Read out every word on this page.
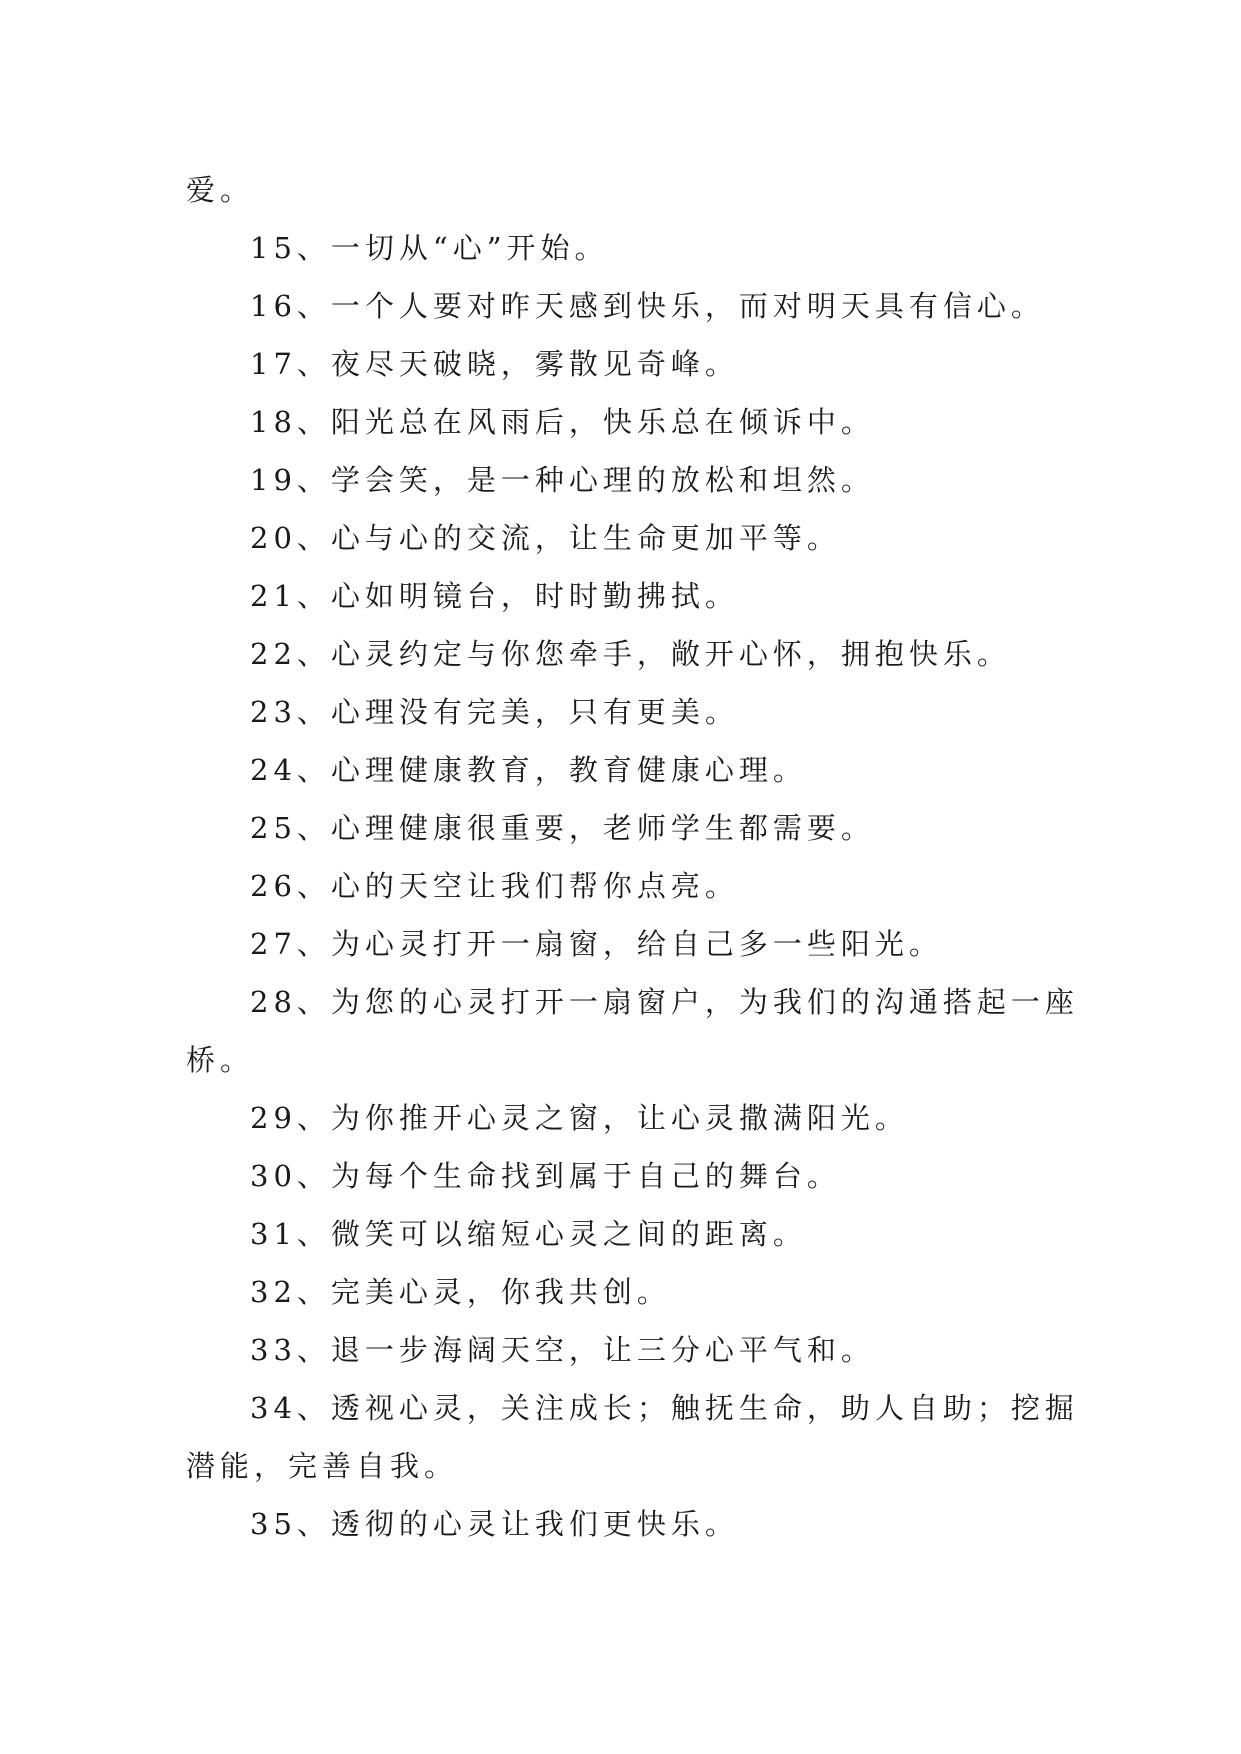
爱。
15、一切从“心”开始。
16、一个人要对昨天感到快乐，而对明天具有信心。
17、夜尽天破晓，雾散见奇峰。
18、阳光总在风雨后，快乐总在倾诉中。
19、学会笑，是一种心理的放松和坦然。
20、心与心的交流，让生命更加平等。
21、心如明镜台，时时勤拂拭。
22、心灵约定与你您牵手，敞开心怀，拥抱快乐。
23、心理没有完美，只有更美。
24、心理健康教育，教育健康心理。
25、心理健康很重要，老师学生都需要。
26、心的天空让我们帮你点亮。
27、为心灵打开一扇窗，给自己多一些阳光。
28、为您的心灵打开一扇窗户，为我们的沟通搭起一座
桥。
29、为你推开心灵之窗，让心灵撒满阳光。
30、为每个生命找到属于自己的舞台。
31、微笑可以缩短心灵之间的距离。
32、完美心灵，你我共创。
33、退一步海阔天空，让三分心平气和。
34、透视心灵，关注成长；触抚生命，助人自助；挖掘
潜能，完善自我。
35、透彻的心灵让我们更快乐。
